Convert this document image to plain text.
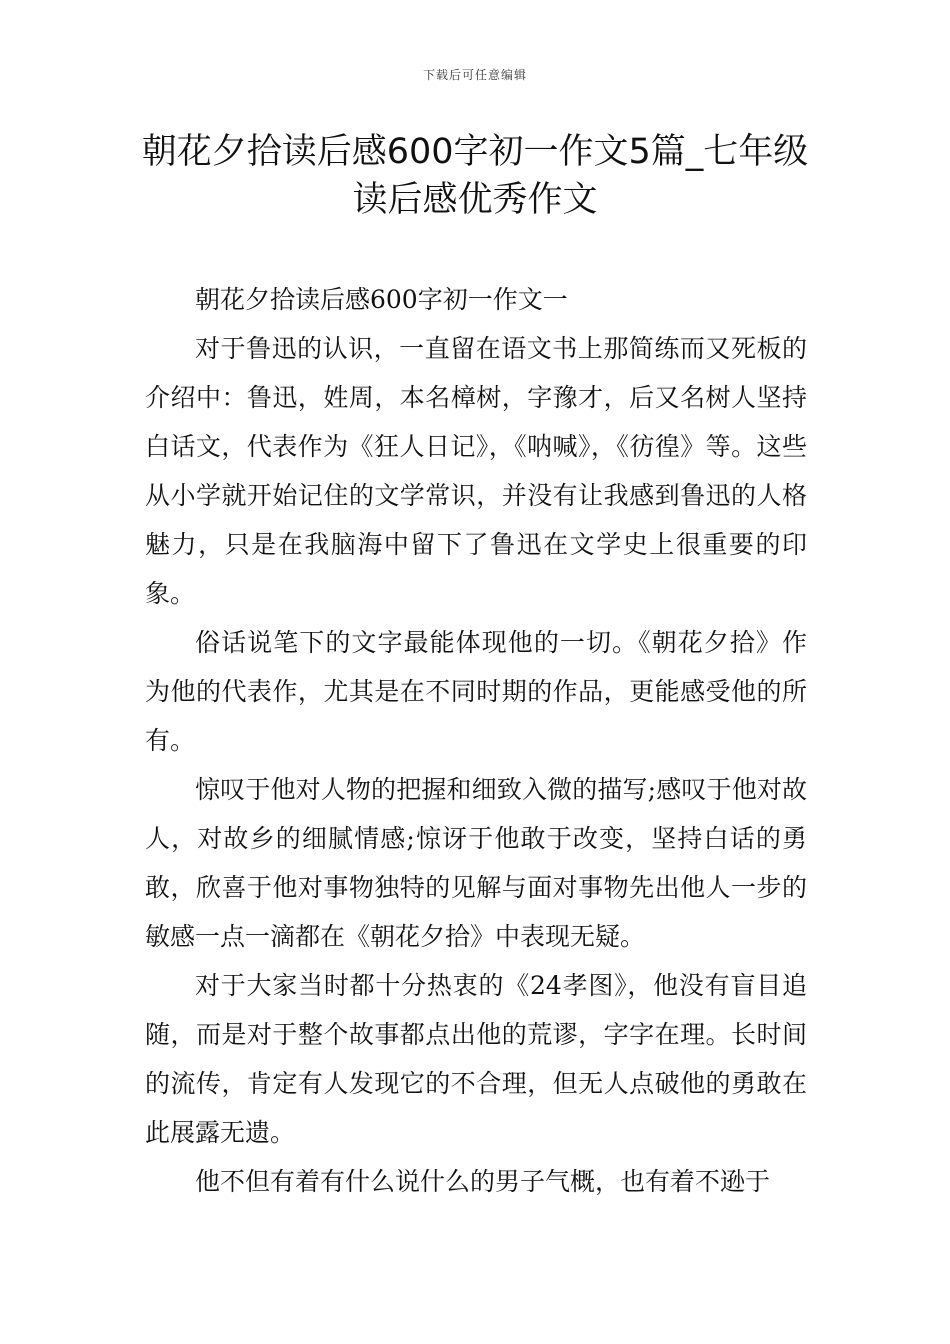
下载后可任意编辑
朝花夕拾读后感600字初一作文5篇_七年级读后感优秀作文

朝花夕拾读后感600字初一作文一

对于鲁迅的认识，一直留在语文书上那简练而又死板的介绍中：鲁迅，姓周，本名樟树，字豫才，后又名树人坚持白话文，代表作为《狂人日记》，《呐喊》，《彷徨》等。这些从小学就开始记住的文学常识，并没有让我感到鲁迅的人格魅力，只是在我脑海中留下了鲁迅在文学史上很重要的印象。

俗话说笔下的文字最能体现他的一切。《朝花夕拾》作为他的代表作，尤其是在不同时期的作品，更能感受他的所有。

惊叹于他对人物的把握和细致入微的描写;感叹于他对故人，对故乡的细腻情感;惊讶于他敢于改变，坚持白话的勇敢，欣喜于他对事物独特的见解与面对事物先出他人一步的敏感一点一滴都在《朝花夕拾》中表现无疑。

对于大家当时都十分热衷的《24孝图》，他没有盲目追随，而是对于整个故事都点出他的荒谬，字字在理。长时间的流传，肯定有人发现它的不合理，但无人点破他的勇敢在此展露无遗。

他不但有着有什么说什么的男子气概，也有着不逊于
